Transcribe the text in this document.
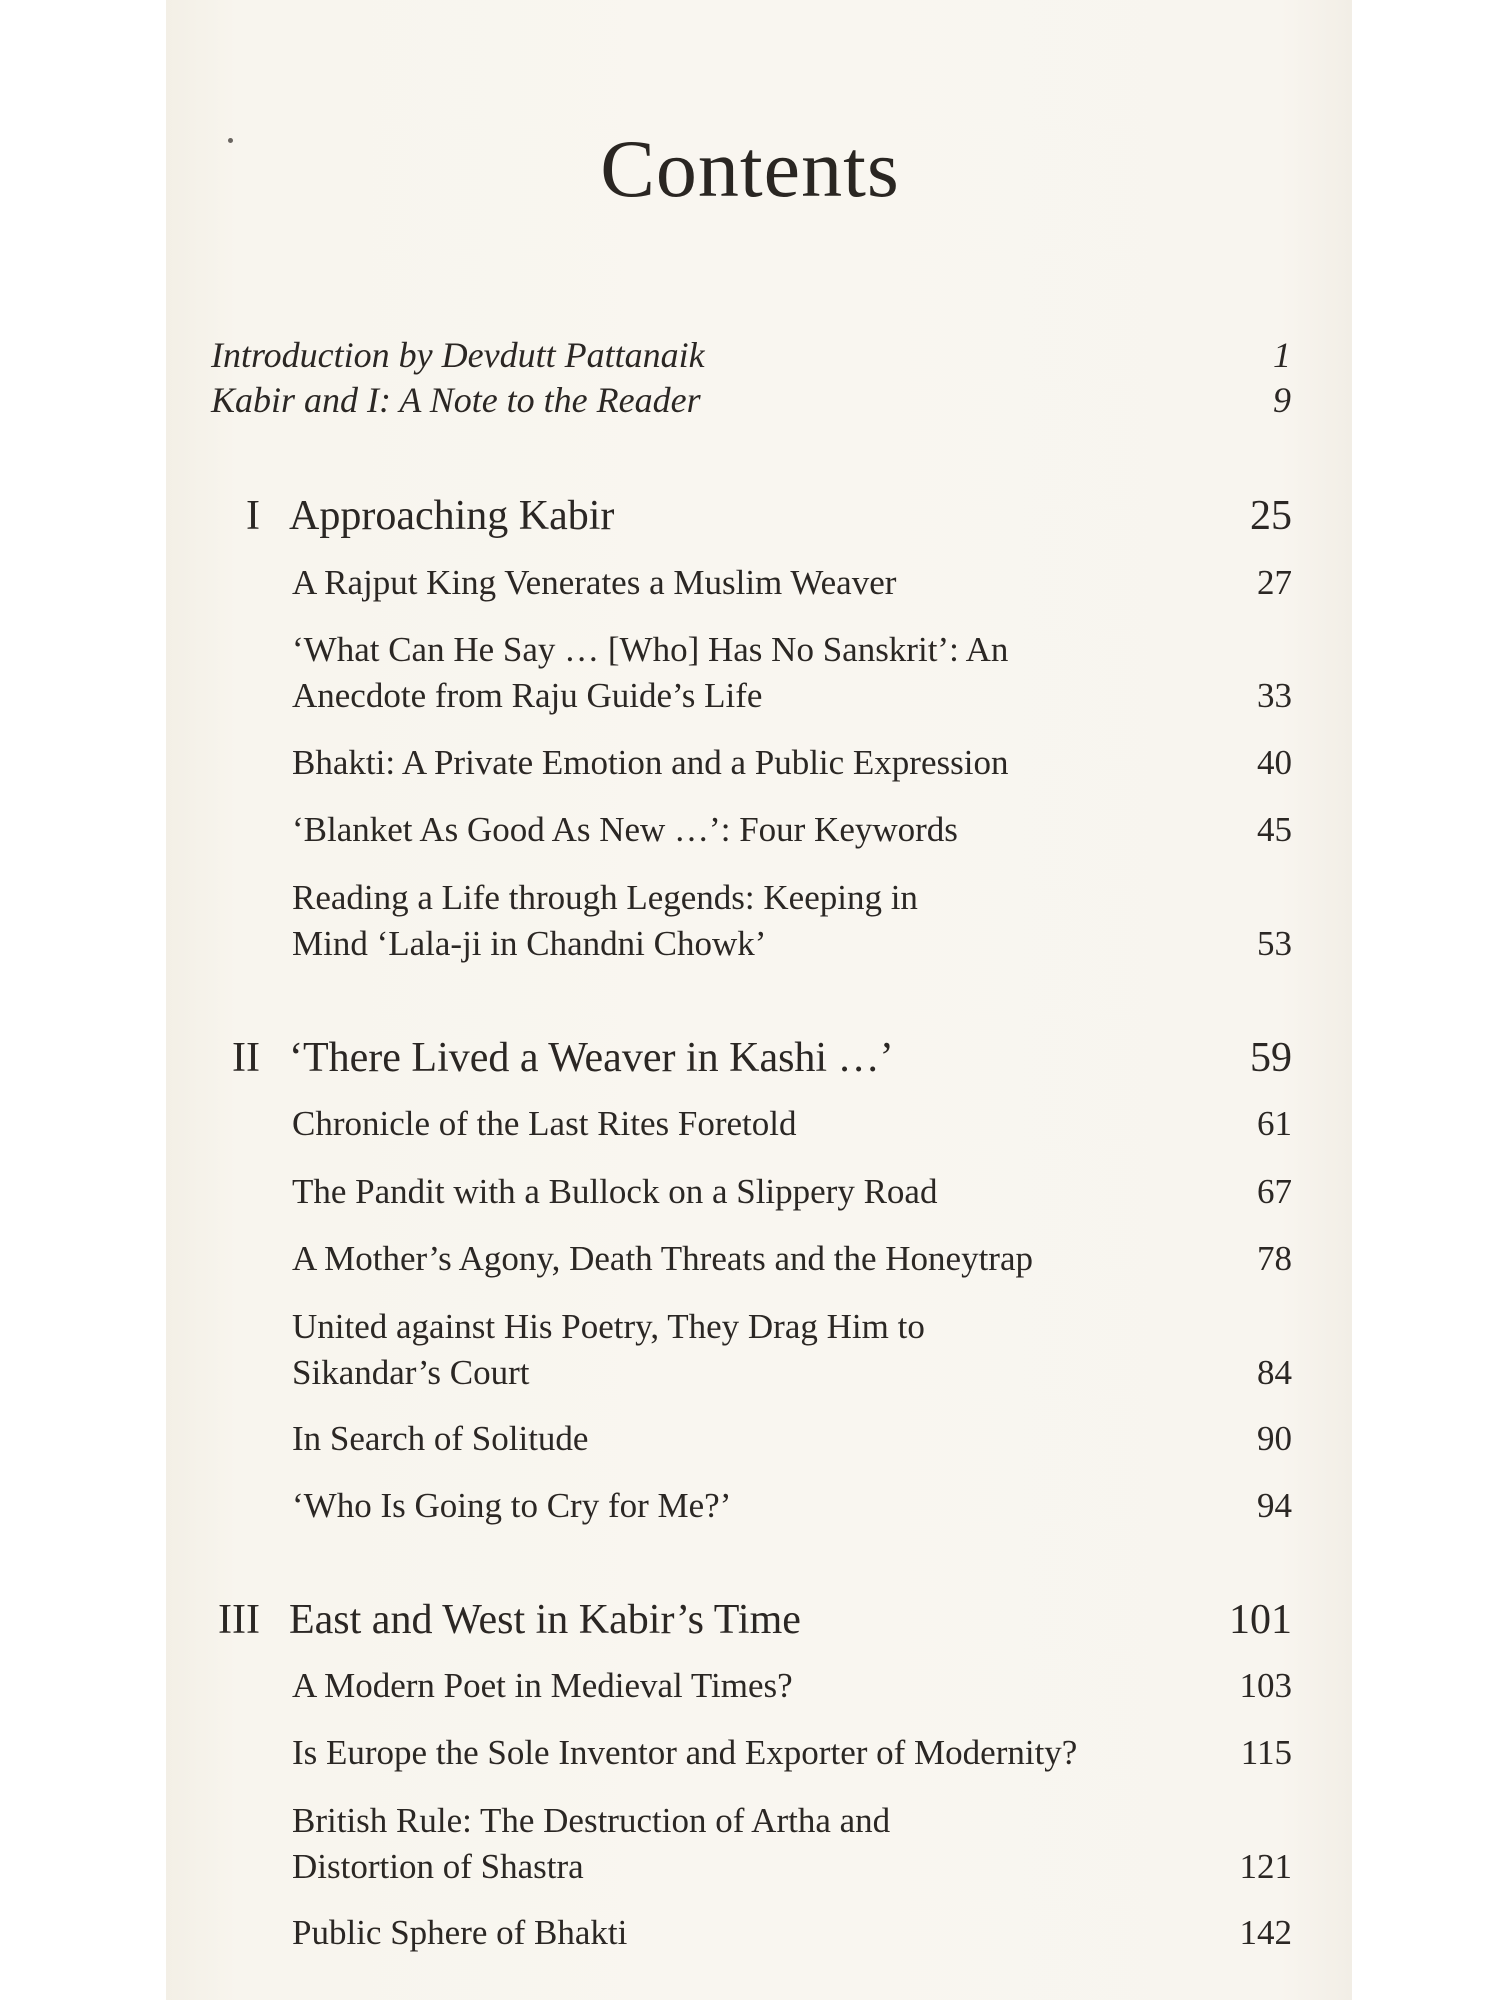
Contents
Introduction by Devdutt Pattanaik	1
Kabir and I: A Note to the Reader	9
I Approaching Kabir	25
A Rajput King Venerates a Muslim Weaver	27
‘What Can He Say … [Who] Has No Sanskrit’: An Anecdote from Raju Guide’s Life	33
Bhakti: A Private Emotion and a Public Expression	40
‘Blanket As Good As New …’: Four Keywords	45
Reading a Life through Legends: Keeping in Mind ‘Lala-ji in Chandni Chowk’	53
II ‘There Lived a Weaver in Kashi …’	59
Chronicle of the Last Rites Foretold	61
The Pandit with a Bullock on a Slippery Road	67
A Mother’s Agony, Death Threats and the Honeytrap	78
United against His Poetry, They Drag Him to Sikandar’s Court	84
In Search of Solitude	90
‘Who Is Going to Cry for Me?’	94
III East and West in Kabir’s Time	101
A Modern Poet in Medieval Times?	103
Is Europe the Sole Inventor and Exporter of Modernity?	115
British Rule: The Destruction of Artha and Distortion of Shastra	121
Public Sphere of Bhakti	142
